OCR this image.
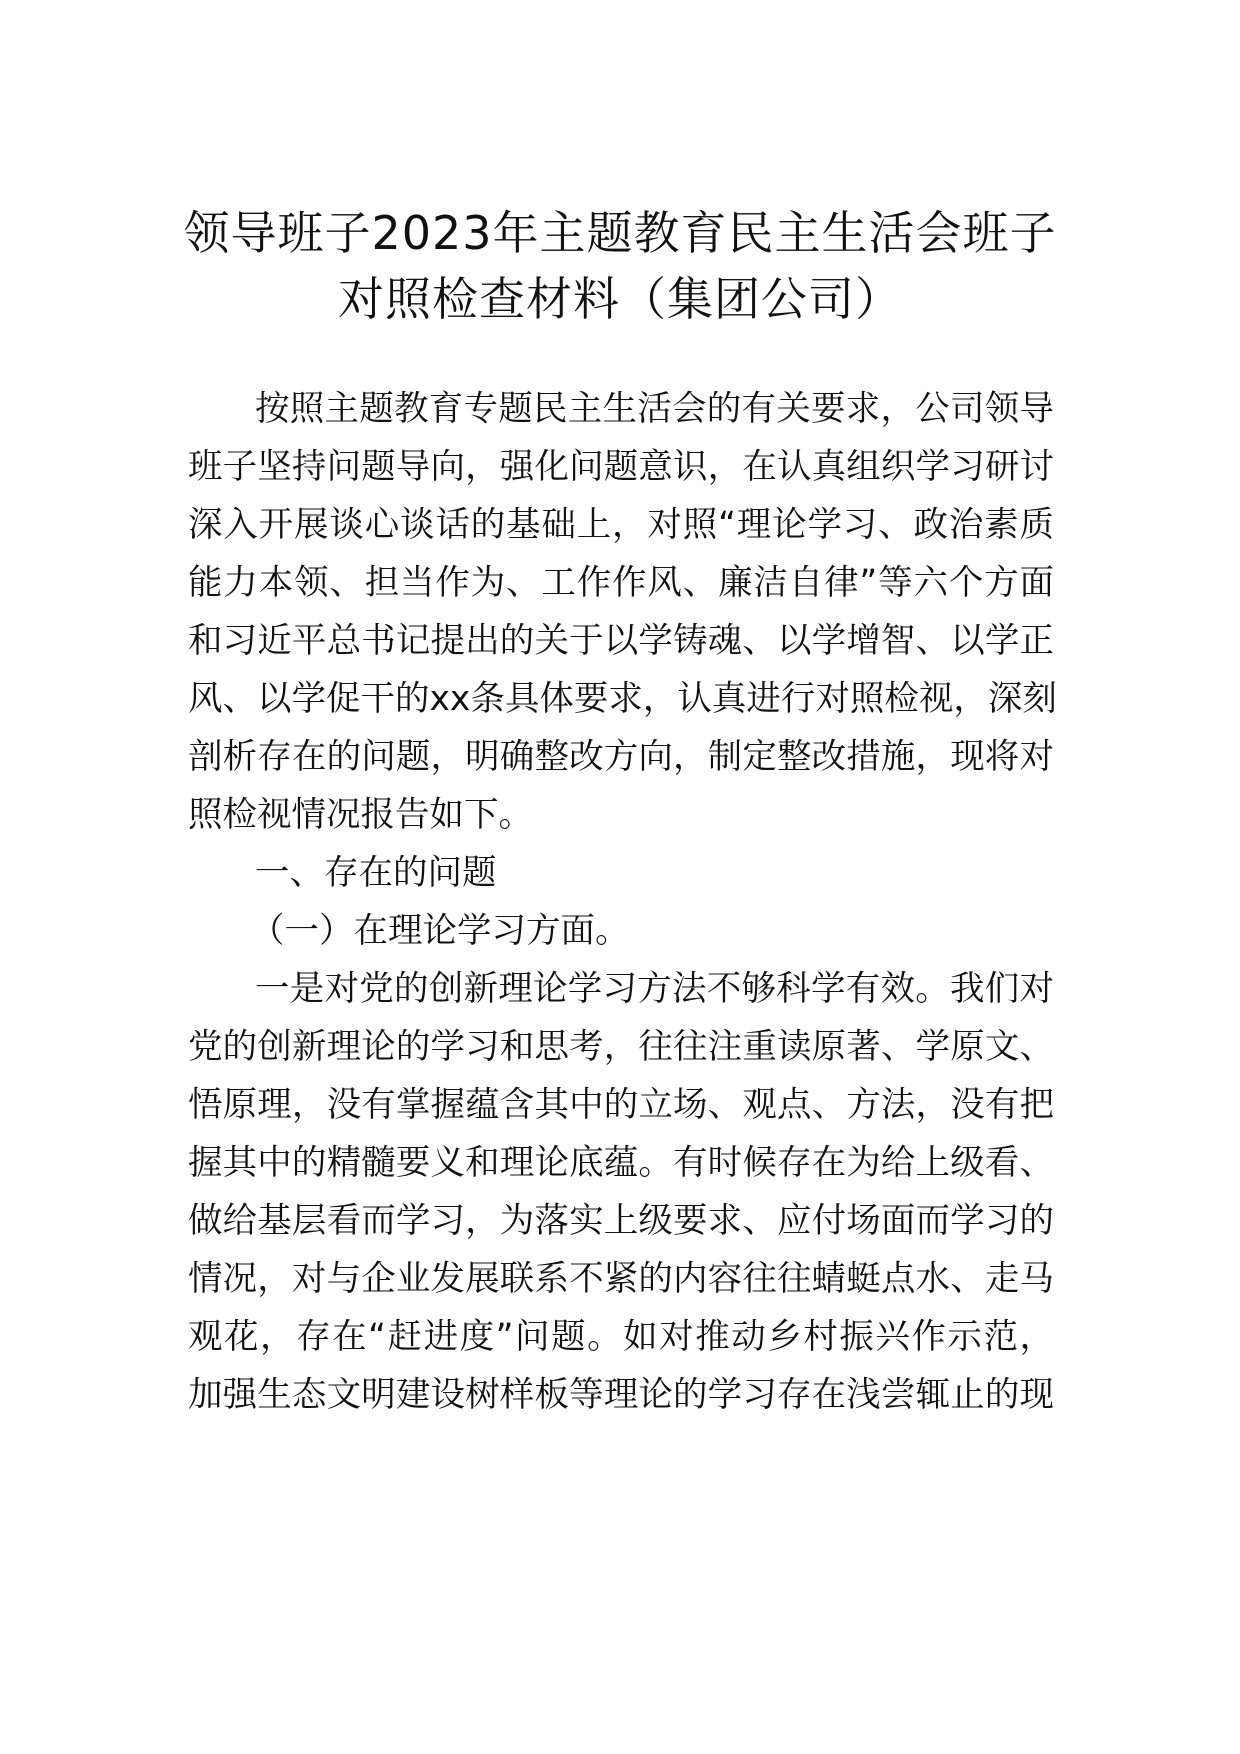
领导班子2023年主题教育民主生活会班子
对照检查材料（集团公司）
按照主题教育专题民主生活会的有关要求，公司领导
班子坚持问题导向，强化问题意识，在认真组织学习研讨
深入开展谈心谈话的基础上，对照“理论学习、政治素质
能力本领、担当作为、工作作风、廉洁自律”等六个方面
和习近平总书记提出的关于以学铸魂、以学增智、以学正
风、以学促干的xx条具体要求，认真进行对照检视，深刻
剖析存在的问题，明确整改方向，制定整改措施，现将对
照检视情况报告如下。
一、存在的问题
（一）在理论学习方面。
一是对党的创新理论学习方法不够科学有效。我们对
党的创新理论的学习和思考，往往注重读原著、学原文、
悟原理，没有掌握蕴含其中的立场、观点、方法，没有把
握其中的精髓要义和理论底蕴。有时候存在为给上级看、
做给基层看而学习，为落实上级要求、应付场面而学习的
情况，对与企业发展联系不紧的内容往往蜻蜓点水、走马
观花，存在“赶进度”问题。如对推动乡村振兴作示范，
加强生态文明建设树样板等理论的学习存在浅尝辄止的现
